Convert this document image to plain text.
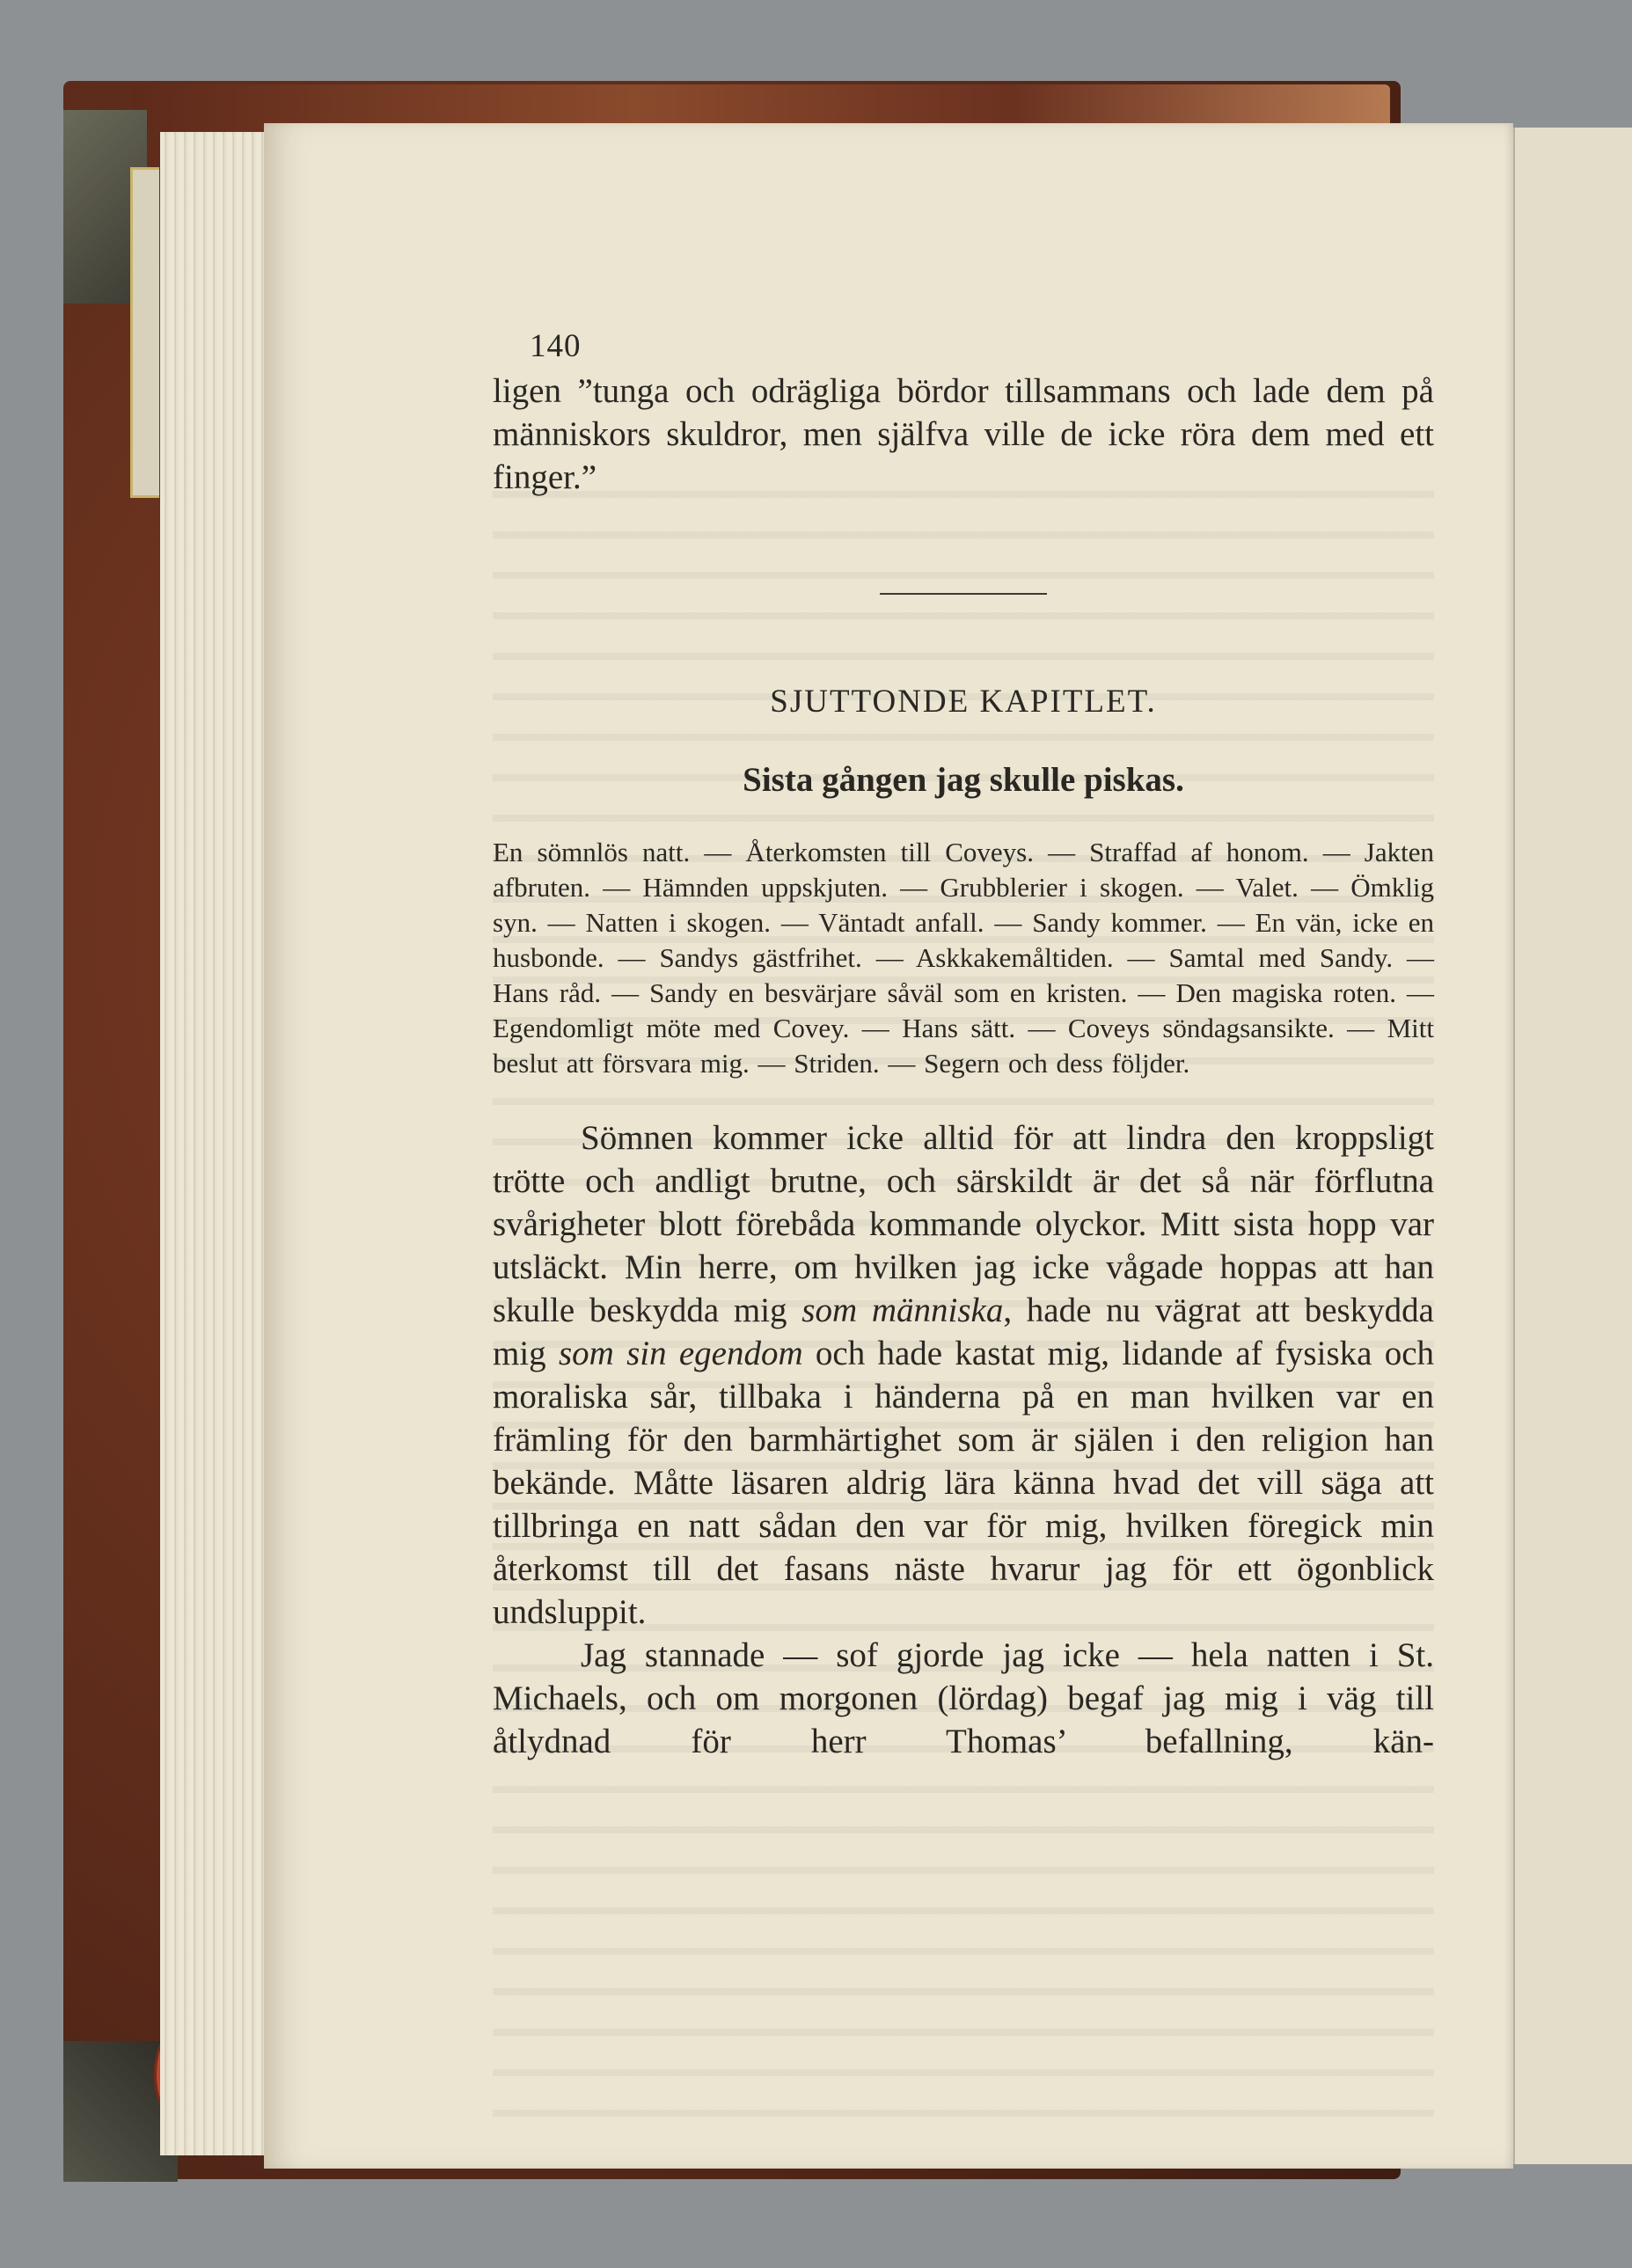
140

ligen ”tunga och odrägliga bördor tillsammans och lade dem på människors skuldror, men själfva ville de icke röra dem med ett finger.”

SJUTTONDE KAPITLET.

Sista gången jag skulle piskas.

En sömnlös natt. — Återkomsten till Coveys. — Straffad af honom. — Jakten afbruten. — Hämnden uppskjuten. — Grubblerier i skogen. — Valet. — Ömklig syn. — Natten i skogen. — Väntadt anfall. — Sandy kommer. — En vän, icke en husbonde. — Sandys gästfrihet. — Askkakemåltiden. — Samtal med Sandy. — Hans råd. — Sandy en besvärjare såväl som en kristen. — Den magiska roten. — Egendomligt möte med Covey. — Hans sätt. — Coveys söndagsansikte. — Mitt beslut att försvara mig. — Striden. — Segern och dess följder.

Sömnen kommer icke alltid för att lindra den kroppsligt trötte och andligt brutne, och särskildt är det så när förflutna svårigheter blott förebåda kommande olyckor. Mitt sista hopp var utsläckt. Min herre, om hvilken jag icke vågade hoppas att han skulle beskydda mig som människa, hade nu vägrat att beskydda mig som sin egendom och hade kastat mig, lidande af fysiska och moraliska sår, tillbaka i händerna på en man hvilken var en främling för den barmhärtighet som är själen i den religion han bekände. Måtte läsaren aldrig lära känna hvad det vill säga att tillbringa en natt sådan den var för mig, hvilken föregick min återkomst till det fasans näste hvarur jag för ett ögonblick undsluppit.

Jag stannade — sof gjorde jag icke — hela natten i St. Michaels, och om morgonen (lördag) begaf jag mig i väg till åtlydnad för herr Thomas’ befallning, kän-
